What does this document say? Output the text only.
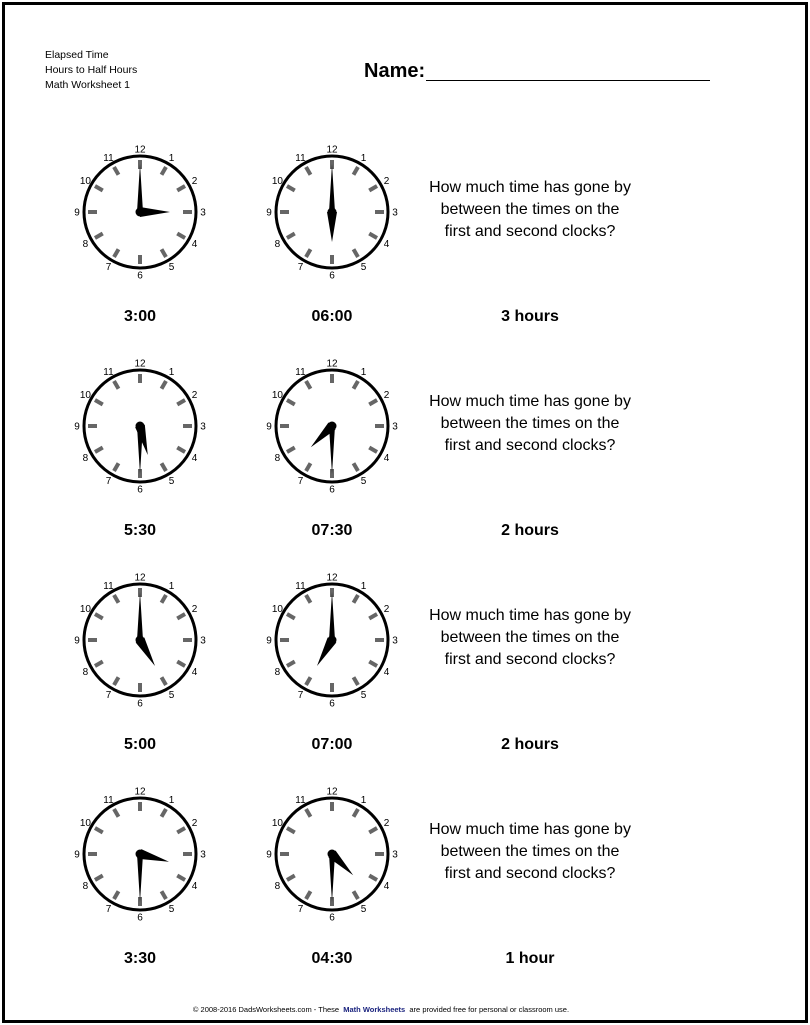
Elapsed Time
Hours to Half Hours
Math Worksheet 1
Name:
12
1
2
3
4
5
6
7
8
9
10
11
12
1
2
3
4
5
6
7
8
9
10
11
How much time has gone by
between the times on the
first and second clocks?
3:00	06:00	3 hours
12
1
2
3
4
5
6
7
8
9
10
11
12
1
2
3
4
5
6
7
8
9
10
11
How much time has gone by
between the times on the
first and second clocks?
5:30	07:30	2 hours
12
1
2
3
4
5
6
7
8
9
10
11
12
1
2
3
4
5
6
7
8
9
10
11
How much time has gone by
between the times on the
first and second clocks?
5:00	07:00	2 hours
12
1
2
3
4
5
6
7
8
9
10
11
12
1
2
3
4
5
6
7
8
9
10
11
How much time has gone by
between the times on the
first and second clocks?
3:30	04:30	1 hour
© 2008-2016 DadsWorksheets.com - These Math Worksheets are provided free for personal or classroom use.
